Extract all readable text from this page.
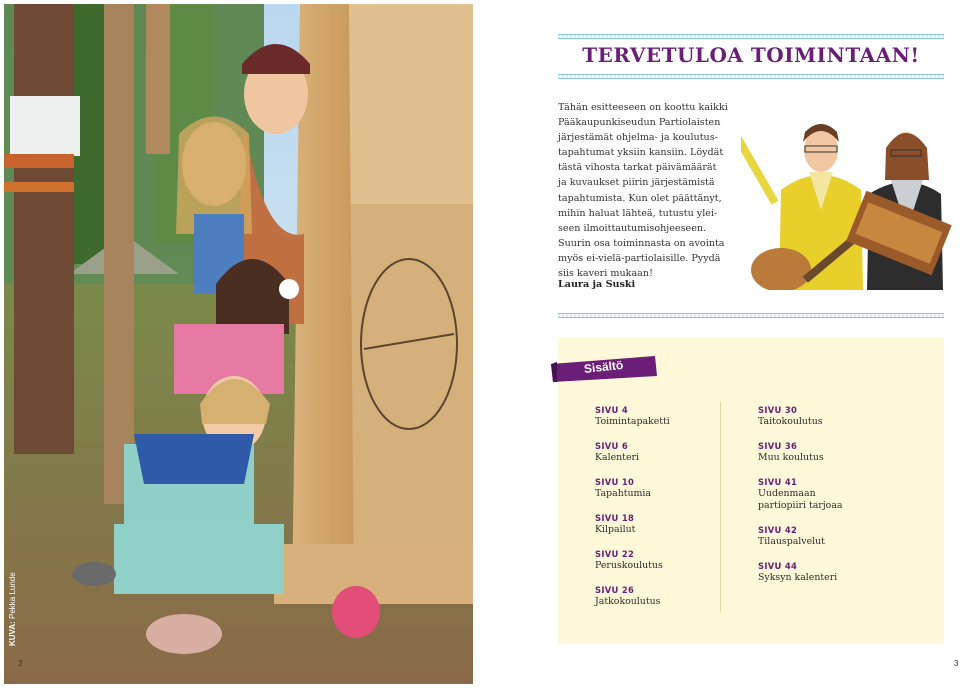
KUVA: Pekka Lunde
2
TERVETULOA TOIMINTAAN!

Tähän esitteeseen on koottu kaikki

Pääkaupunkiseudun Partiolaisten

järjestämät ohjelma- ja koulutus-

tapahtumat yksiin kansiin. Löydät

tästä vihosta tarkat päivämäärät

ja kuvaukset piirin järjestämistä

tapahtumista. Kun olet päättänyt,

mihin haluat lähteä, tutustu ylei-

seen ilmoittautumisohjeeseen.

Suurin osa toiminnasta on avointa

myös ei-vielä-partiolaisille. Pyydä

siis kaveri mukaan!

Laura ja Suski
Sisältö
SIVU 4
Toimintapaketti
SIVU 6
Kalenteri
SIVU 10
Tapahtumia
SIVU 18
Kilpailut
SIVU 22
Peruskoulutus
SIVU 26
Jatkokoulutus
SIVU 30
Taitokoulutus
SIVU 36
Muu koulutus
SIVU 41
Uudenmaan
partiopiiri tarjoaa
SIVU 42
Tilauspalvelut
SIVU 44
Syksyn kalenteri
3
